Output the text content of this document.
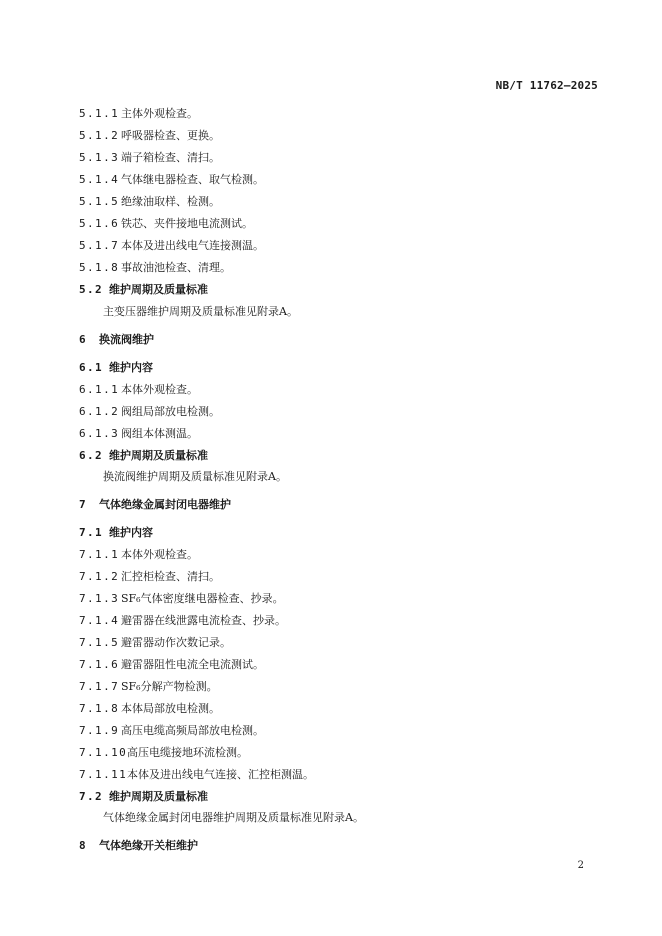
NB/T 11762—2025
5.1.1 主体外观检查。
5.1.2 呼吸器检查、更换。
5.1.3 端子箱检查、清扫。
5.1.4 气体继电器检查、取气检测。
5.1.5 绝缘油取样、检测。
5.1.6 铁芯、夹件接地电流测试。
5.1.7 本体及进出线电气连接测温。
5.1.8 事故油池检查、清理。
5.2 维护周期及质量标准
主变压器维护周期及质量标准见附录A。
6 换流阀维护
6.1 维护内容
6.1.1 本体外观检查。
6.1.2 阀组局部放电检测。
6.1.3 阀组本体测温。
6.2 维护周期及质量标准
换流阀维护周期及质量标准见附录A。
7 气体绝缘金属封闭电器维护
7.1 维护内容
7.1.1 本体外观检查。
7.1.2 汇控柜检查、清扫。
7.1.3 SF₆气体密度继电器检查、抄录。
7.1.4 避雷器在线泄露电流检查、抄录。
7.1.5 避雷器动作次数记录。
7.1.6 避雷器阻性电流全电流测试。
7.1.7 SF₆分解产物检测。
7.1.8 本体局部放电检测。
7.1.9 高压电缆高频局部放电检测。
7.1.10高压电缆接地环流检测。
7.1.11本体及进出线电气连接、汇控柜测温。
7.2 维护周期及质量标准
气体绝缘金属封闭电器维护周期及质量标准见附录A。
8 气体绝缘开关柜维护
2
